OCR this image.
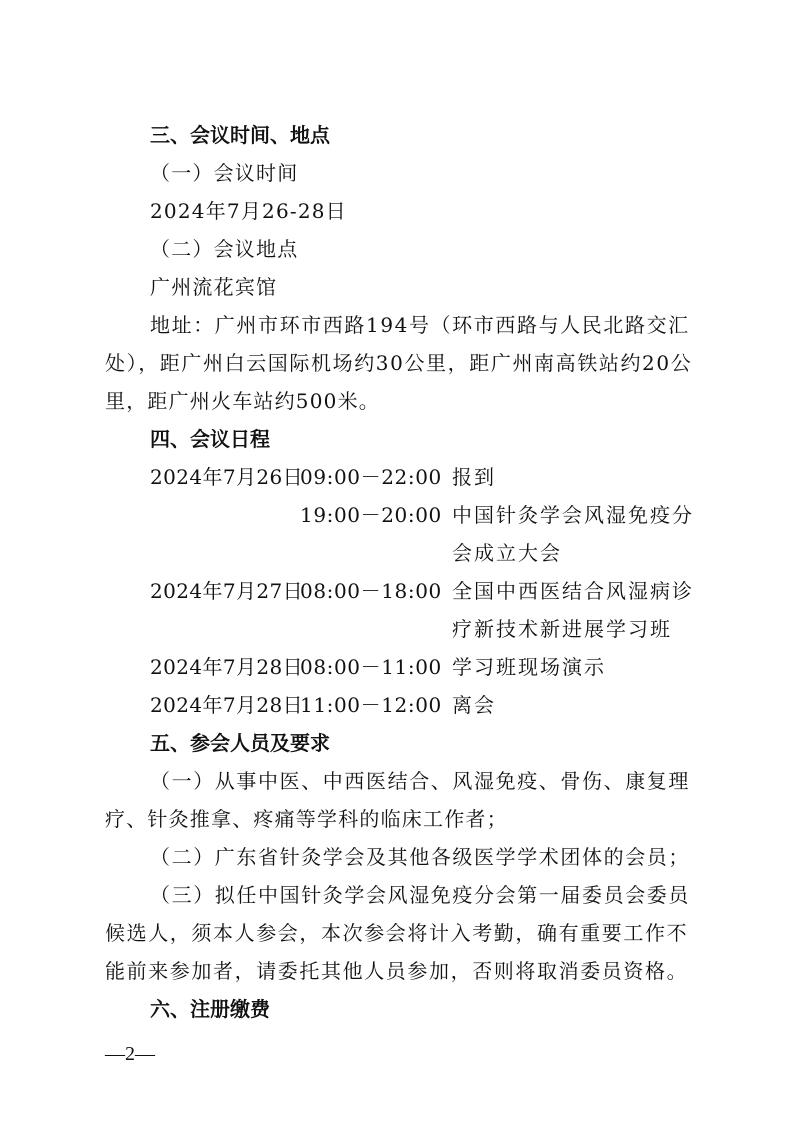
三、会议时间、地点
（一）会议时间
2024年7月26-28日
（二）会议地点
广州流花宾馆
地址：广州市环市西路194号（环市西路与人民北路交汇
处），距广州白云国际机场约30公里，距广州南高铁站约20公
里，距广州火车站约500米。
四、会议日程
2024年7月26日
09:00－22:00 报到
19:00－20:00 中国针灸学会风湿免疫分
会成立大会
2024年7月27日
08:00－18:00 全国中西医结合风湿病诊
疗新技术新进展学习班
2024年7月28日
08:00－11:00 学习班现场演示
2024年7月28日
11:00－12:00 离会
五、参会人员及要求
（一）从事中医、中西医结合、风湿免疫、骨伤、康复理
疗、针灸推拿、疼痛等学科的临床工作者；
（二）广东省针灸学会及其他各级医学学术团体的会员；
（三）拟任中国针灸学会风湿免疫分会第一届委员会委员
候选人，须本人参会，本次参会将计入考勤，确有重要工作不
能前来参加者，请委托其他人员参加，否则将取消委员资格。
六、注册缴费
—2—
